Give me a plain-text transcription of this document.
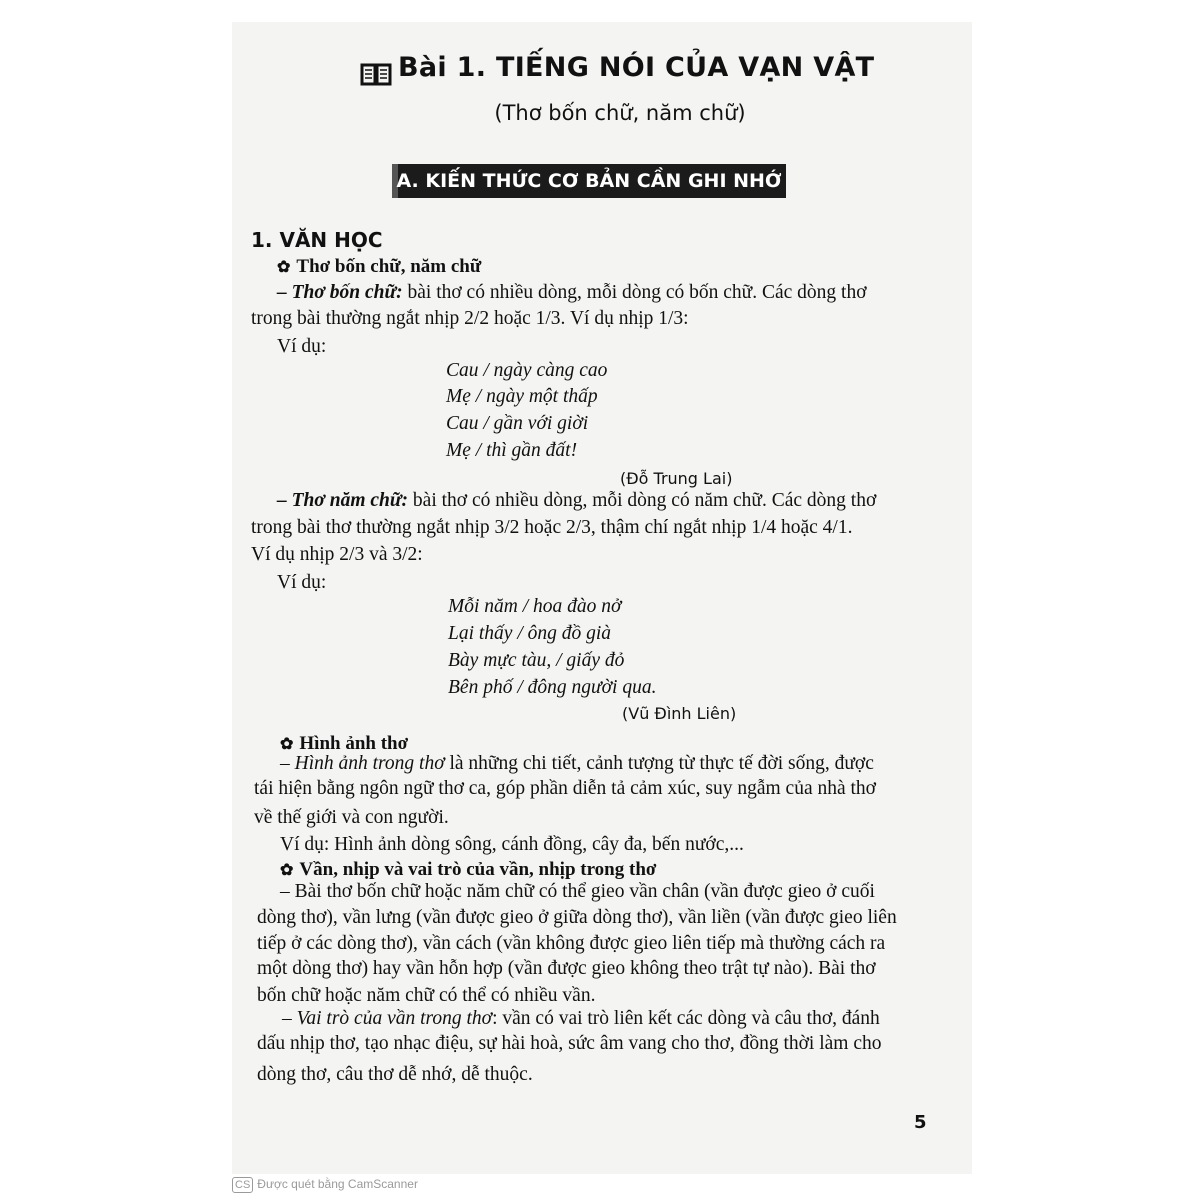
Bài 1. TIẾNG NÓI CỦA VẠN VẬT
(Thơ bốn chữ, năm chữ)
A. KIẾN THỨC CƠ BẢN CẦN GHI NHỚ
1. VĂN HỌC
✿ Thơ bốn chữ, năm chữ
– Thơ bốn chữ: bài thơ có nhiều dòng, mỗi dòng có bốn chữ. Các dòng thơ
trong bài thường ngắt nhịp 2/2 hoặc 1/3. Ví dụ nhịp 1/3:
Ví dụ:
Cau / ngày càng cao
Mẹ / ngày một thấp
Cau / gần với giời
Mẹ / thì gần đất!
(Đỗ Trung Lai)
– Thơ năm chữ: bài thơ có nhiều dòng, mỗi dòng có năm chữ. Các dòng thơ
trong bài thơ thường ngắt nhịp 3/2 hoặc 2/3, thậm chí ngắt nhịp 1/4 hoặc 4/1.
Ví dụ nhịp 2/3 và 3/2:
Ví dụ:
Mỗi năm / hoa đào nở
Lại thấy / ông đồ già
Bày mực tàu, / giấy đỏ
Bên phố / đông người qua.
(Vũ Đình Liên)
✿ Hình ảnh thơ
– Hình ảnh trong thơ là những chi tiết, cảnh tượng từ thực tế đời sống, được
tái hiện bằng ngôn ngữ thơ ca, góp phần diễn tả cảm xúc, suy ngẫm của nhà thơ
về thế giới và con người.
Ví dụ: Hình ảnh dòng sông, cánh đồng, cây đa, bến nước,...
✿ Vần, nhịp và vai trò của vần, nhịp trong thơ
– Bài thơ bốn chữ hoặc năm chữ có thể gieo vần chân (vần được gieo ở cuối
dòng thơ), vần lưng (vần được gieo ở giữa dòng thơ), vần liền (vần được gieo liên
tiếp ở các dòng thơ), vần cách (vần không được gieo liên tiếp mà thường cách ra
một dòng thơ) hay vần hỗn hợp (vần được gieo không theo trật tự nào). Bài thơ
bốn chữ hoặc năm chữ có thể có nhiều vần.
– Vai trò của vần trong thơ: vần có vai trò liên kết các dòng và câu thơ, đánh
dấu nhịp thơ, tạo nhạc điệu, sự hài hoà, sức âm vang cho thơ, đồng thời làm cho
dòng thơ, câu thơ dễ nhớ, dễ thuộc.
5
CS Được quét bằng CamScanner
